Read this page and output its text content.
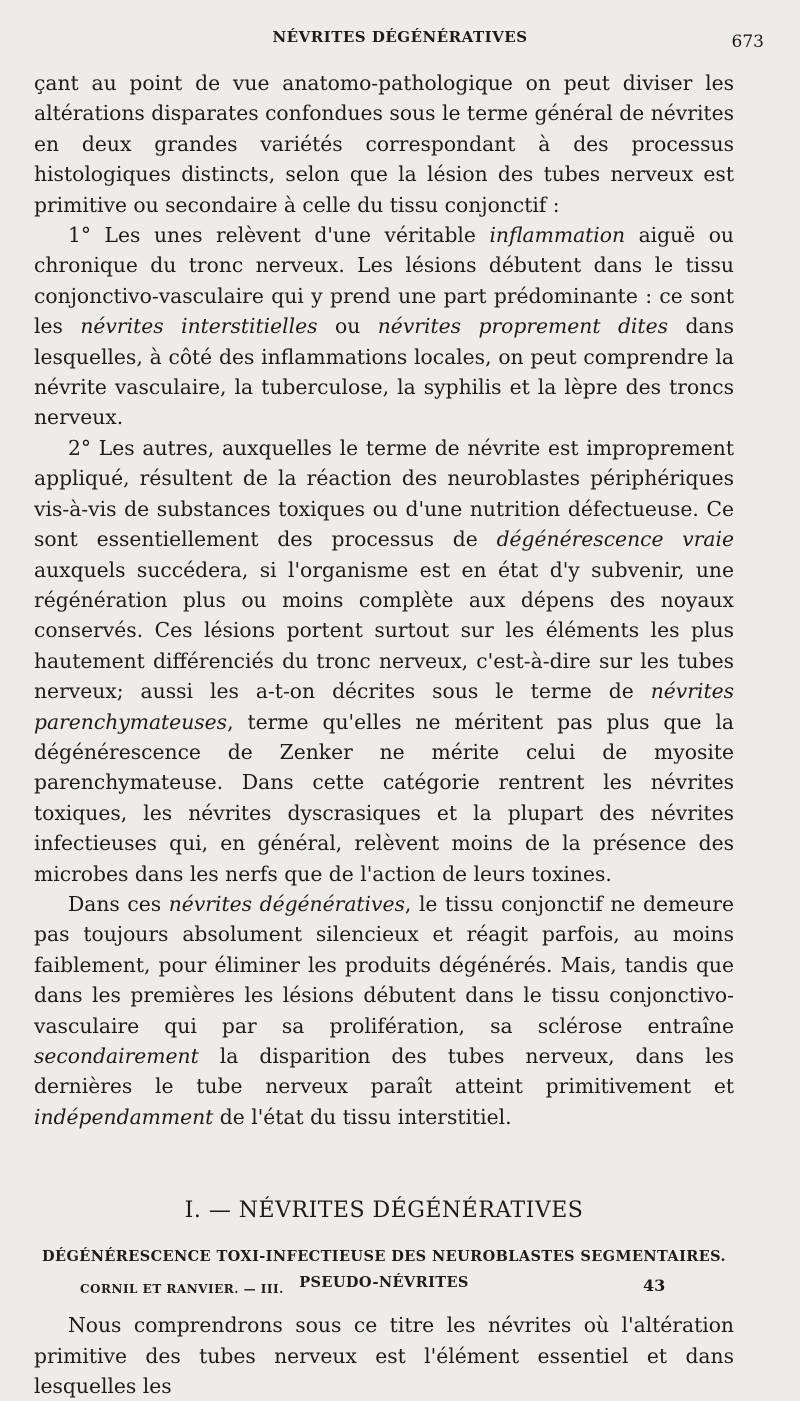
NÉVRITES DÉGÉNÉRATIVES	673

çant au point de vue anatomo-pathologique on peut diviser les altérations disparates confondues sous le terme général de névrites en deux grandes variétés correspondant à des processus histologiques distincts, selon que la lésion des tubes nerveux est primitive ou secondaire à celle du tissu conjonctif :

1° Les unes relèvent d'une véritable inflammation aiguë ou chronique du tronc nerveux. Les lésions débutent dans le tissu conjonctivo-vasculaire qui y prend une part prédominante : ce sont les névrites interstitielles ou névrites proprement dites dans lesquelles, à côté des inflammations locales, on peut comprendre la névrite vasculaire, la tuberculose, la syphilis et la lèpre des troncs nerveux.

2° Les autres, auxquelles le terme de névrite est improprement appliqué, résultent de la réaction des neuroblastes périphériques vis-à-vis de substances toxiques ou d'une nutrition défectueuse. Ce sont essentiellement des processus de dégénérescence vraie auxquels succédera, si l'organisme est en état d'y subvenir, une régénération plus ou moins complète aux dépens des noyaux conservés. Ces lésions portent surtout sur les éléments les plus hautement différenciés du tronc nerveux, c'est-à-dire sur les tubes nerveux; aussi les a-t-on décrites sous le terme de névrites parenchymateuses, terme qu'elles ne méritent pas plus que la dégénérescence de Zenker ne mérite celui de myosite parenchymateuse. Dans cette catégorie rentrent les névrites toxiques, les névrites dyscrasiques et la plupart des névrites infectieuses qui, en général, relèvent moins de la présence des microbes dans les nerfs que de l'action de leurs toxines.

Dans ces névrites dégénératives, le tissu conjonctif ne demeure pas toujours absolument silencieux et réagit parfois, au moins faiblement, pour éliminer les produits dégénérés. Mais, tandis que dans les premières les lésions débutent dans le tissu conjonctivo-vasculaire qui par sa prolifération, sa sclérose entraîne secondairement la disparition des tubes nerveux, dans les dernières le tube nerveux paraît atteint primitivement et indépendamment de l'état du tissu interstitiel.

I. — NÉVRITES DÉGÉNÉRATIVES
DÉGÉNÉRESCENCE TOXI-INFECTIEUSE DES NEUROBLASTES SEGMENTAIRES.
PSEUDO-NÉVRITES

Nous comprendrons sous ce titre les névrites où l'altération primitive des tubes nerveux est l'élément essentiel et dans lesquelles les

CORNIL ET RANVIER. — III.	43
